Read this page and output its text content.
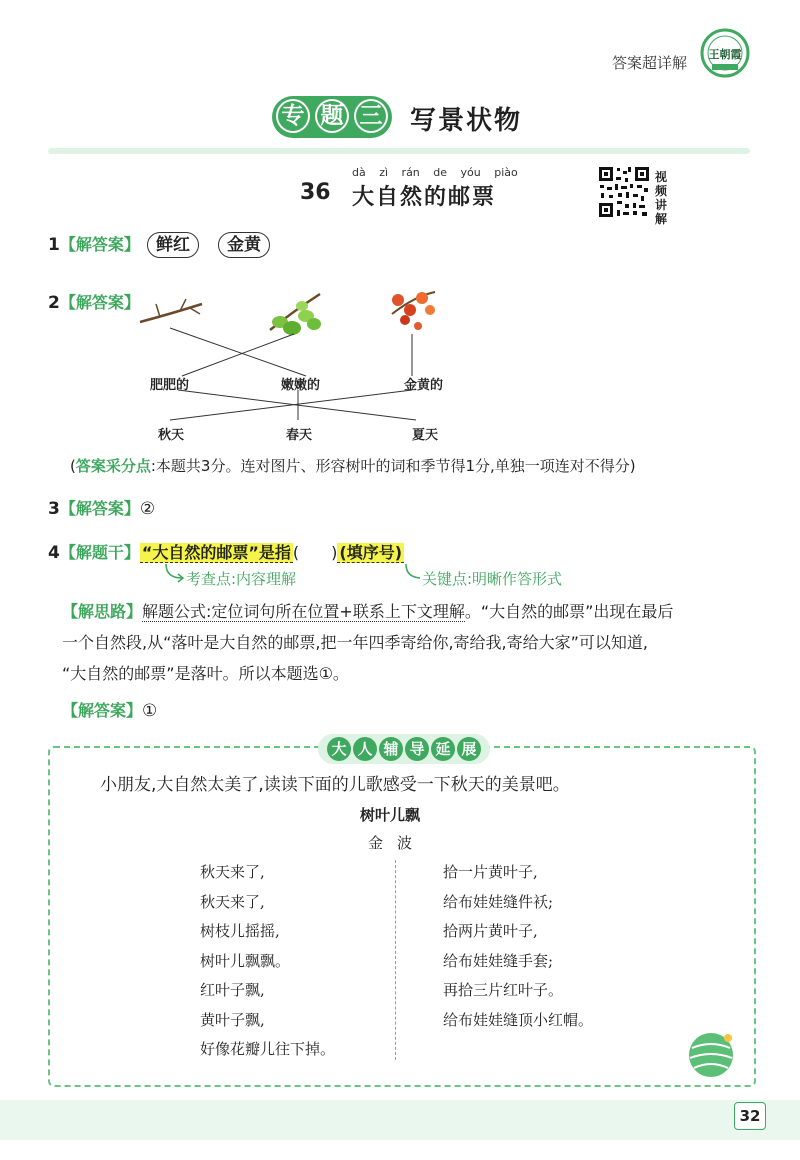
答案超详解 王朝霞
专 题 三 写景状物
dà zì rán de yóu piào
36 大自然的邮票
视
频
讲
解
1【解答案】 鲜红 金黄
2【解答案】
肥肥的	嫩嫩的	金黄的
秋天	春天	夏天
(答案采分点:本题共3分。连对图片、形容树叶的词和季节得1分,单独一项连对不得分)
3【解答案】②
4【解题干】 “大自然的邮票”是指 (　　) (填序号)
考查点:内容理解	关键点:明晰作答形式
【解思路】解题公式:定位词句所在位置+联系上下文理解。“大自然的邮票”出现在最后
一个自然段,从“落叶是大自然的邮票,把一年四季寄给你,寄给我,寄给大家”可以知道,
“大自然的邮票”是落叶。所以本题选①。
【解答案】①
大 人 辅 导 延 展
小朋友,大自然太美了,读读下面的儿歌感受一下秋天的美景吧。
树叶儿飘
金波
秋天来了,
秋天来了,
树枝儿摇摇,
树叶儿飘飘。
红叶子飘,
黄叶子飘,
好像花瓣儿往下掉。
拾一片黄叶子,
给布娃娃缝件袄;
拾两片黄叶子,
给布娃娃缝手套;
再拾三片红叶子。
给布娃娃缝顶小红帽。
32
